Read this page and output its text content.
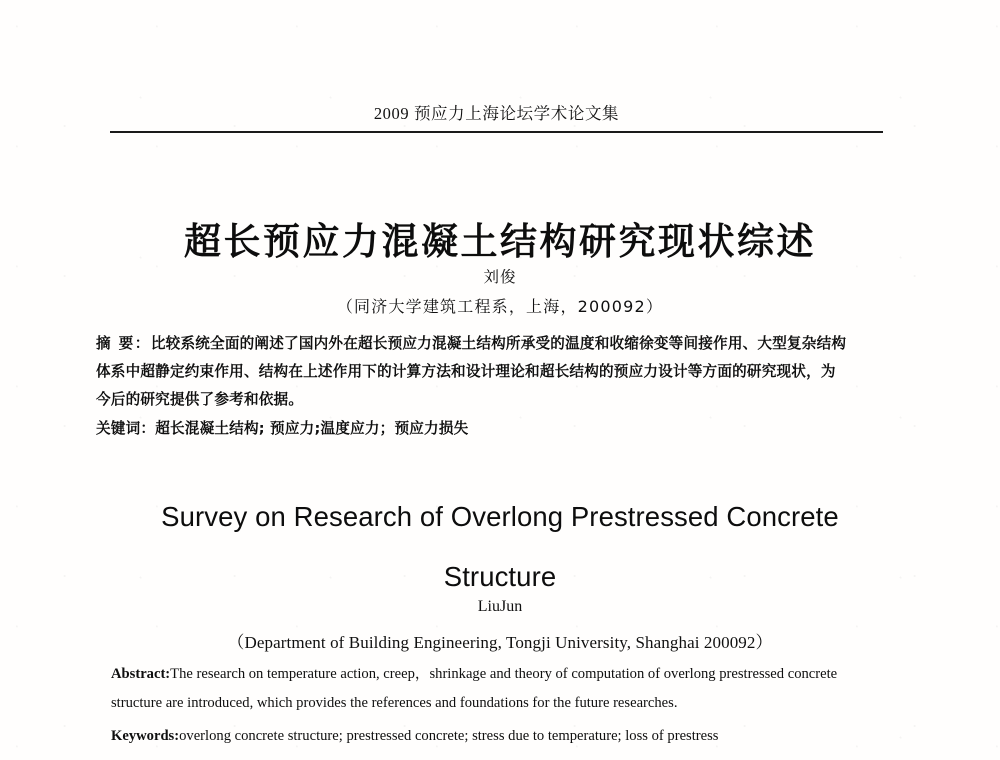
2009 预应力上海论坛学术论文集
超长预应力混凝土结构研究现状综述
刘俊
（同济大学建筑工程系，上海，200092）

摘 要：比较系统全面的阐述了国内外在超长预应力混凝土结构所承受的温度和收缩徐变等间接作用、大型复杂结构

体系中超静定约束作用、结构在上述作用下的计算方法和设计理论和超长结构的预应力设计等方面的研究现状，为

今后的研究提供了参考和依据。

关键词：超长混凝土结构; 预应力;温度应力；预应力损失
Survey on Research of Overlong Prestressed Concrete
Structure
LiuJun
（Department of Building Engineering, Tongji University, Shanghai 200092）

Abstract:The research on temperature action, creep，shrinkage and theory of computation of overlong prestressed concrete

structure are introduced, which provides the references and foundations for the future researches.

Keywords:overlong concrete structure; prestressed concrete; stress due to temperature; loss of prestress
